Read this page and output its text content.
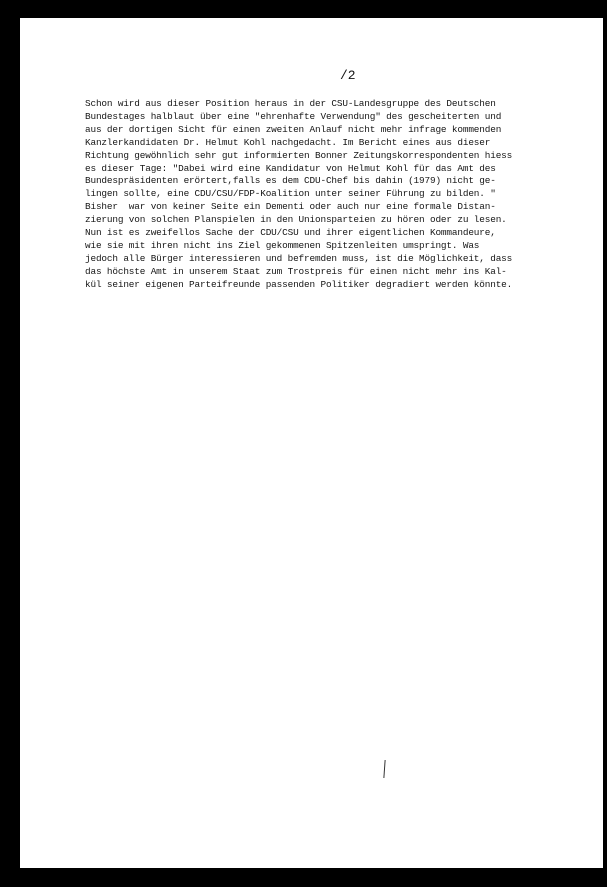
/2

Schon wird aus dieser Position heraus in der CSU-Landesgruppe des Deutschen
Bundestages halblaut über eine "ehrenhafte Verwendung" des gescheiterten und
aus der dortigen Sicht für einen zweiten Anlauf nicht mehr infrage kommenden
Kanzlerkandidaten Dr. Helmut Kohl nachgedacht. Im Bericht eines aus dieser
Richtung gewöhnlich sehr gut informierten Bonner Zeitungskorrespondenten hiess
es dieser Tage: "Dabei wird eine Kandidatur von Helmut Kohl für das Amt des
Bundespräsidenten erörtert,falls es dem CDU-Chef bis dahin (1979) nicht ge-
lingen sollte, eine CDU/CSU/FDP-Koalition unter seiner Führung zu bilden. "
Bisher  war von keiner Seite ein Dementi oder auch nur eine formale Distan-
zierung von solchen Planspielen in den Unionsparteien zu hören oder zu lesen.
Nun ist es zweifellos Sache der CDU/CSU und ihrer eigentlichen Kommandeure,
wie sie mit ihren nicht ins Ziel gekommenen Spitzenleiten umspringt. Was
jedoch alle Bürger interessieren und befremden muss, ist die Möglichkeit, dass
das höchste Amt in unserem Staat zum Trostpreis für einen nicht mehr ins Kal-
kül seiner eigenen Parteifreunde passenden Politiker degradiert werden könnte.
